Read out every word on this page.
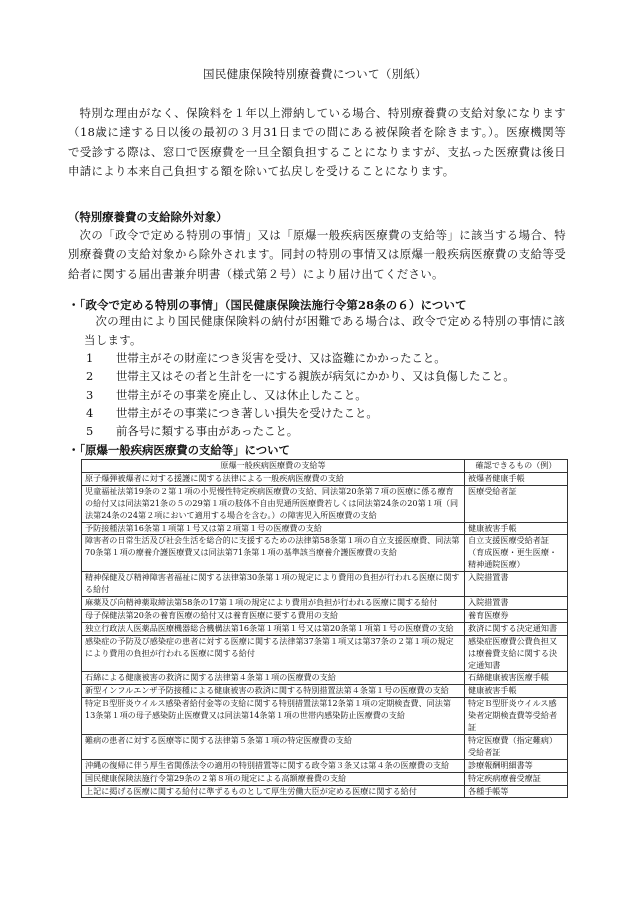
国民健康保険特別療養費について（別紙）
特別な理由がなく、保険料を１年以上滞納している場合、特別療養費の支給対象になります（18歳に達する日以後の最初の３月31日までの間にある被保険者を除きます。）。医療機関等で受診する際は、窓口で医療費を一旦全額負担することになりますが、支払った医療費は後日申請により本来自己負担する額を除いて払戻しを受けることになります。
（特別療養費の支給除外対象）
次の「政令で定める特別の事情」又は「原爆一般疾病医療費の支給等」に該当する場合、特別療養費の支給対象から除外されます。同封の特別の事情又は原爆一般疾病医療費の支給等受給者に関する届出書兼弁明書（様式第２号）により届け出てください。
・「政令で定める特別の事情」（国民健康保険法施行令第28条の６）について
次の理由により国民健康保険料の納付が困難である場合は、政令で定める特別の事情に該当します。
1	世帯主がその財産につき災害を受け、又は盗難にかかったこと。
2	世帯主又はその者と生計を一にする親族が病気にかかり、又は負傷したこと。
3	世帯主がその事業を廃止し、又は休止したこと。
4	世帯主がその事業につき著しい損失を受けたこと。
5	前各号に類する事由があったこと。
・「原爆一般疾病医療費の支給等」について
原爆一般疾病医療費の支給等	確認できるもの（例）
原子爆弾被爆者に対する援護に関する法律による一般疾病医療費の支給	被爆者健康手帳
児童福祉法第19条の２第１項の小児慢性特定疾病医療費の支給、同法第20条第７項の医療に係る療育の給付又は同法第21条の５の29第１項の肢体不自由児通所医療費若しくは同法第24条の20第１項（同法第24条の24第２項において適用する場合を含む。）の障害児入所医療費の支給	医療受給者証
予防接種法第16条第１項第１号又は第２項第１号の医療費の支給	健康被害手帳
障害者の日常生活及び社会生活を総合的に支援するための法律第58条第１項の自立支援医療費、同法第70条第１項の療養介護医療費又は同法第71条第１項の基準該当療養介護医療費の支給	自立支援医療受給者証（育成医療・更生医療・精神通院医療）
精神保健及び精神障害者福祉に関する法律第30条第１項の規定により費用の負担が行われる医療に関する給付	入院措置書
麻薬及び向精神薬取締法第58条の17第１項の規定により費用が負担が行われる医療に関する給付	入院措置書
母子保健法第20条の養育医療の給付又は養育医療に要する費用の支給	養育医療券
独立行政法人医薬品医療機器総合機構法第16条第１項第１号又は第20条第１項第１号の医療費の支給	救済に関する決定通知書
感染症の予防及び感染症の患者に対する医療に関する法律第37条第１項又は第37条の２第１項の規定により費用の負担が行われる医療に関する給付	感染症医療費公費負担又は療養費支給に関する決定通知書
石綿による健康被害の救済に関する法律第４条第１項の医療費の支給	石綿健康被害医療手帳
新型インフルエンザ予防接種による健康被害の救済に関する特別措置法第４条第１号の医療費の支給	健康被害手帳
特定Ｂ型肝炎ウイルス感染者給付金等の支給に関する特別措置法第12条第１項の定期検査費、同法第13条第１項の母子感染防止医療費又は同法第14条第１項の世帯内感染防止医療費の支給	特定Ｂ型肝炎ウイルス感染者定期検査費等受給者証
難病の患者に対する医療等に関する法律第５条第１項の特定医療費の支給	特定医療費（指定難病）受給者証
沖縄の復帰に伴う厚生省関係法令の適用の特別措置等に関する政令第３条又は第４条の医療費の支給	診療報酬明細書等
国民健康保険法施行令第29条の２第８項の規定による高額療養費の支給	特定疾病療養受療証
上記に掲げる医療に関する給付に準ずるものとして厚生労働大臣が定める医療に関する給付	各種手帳等
